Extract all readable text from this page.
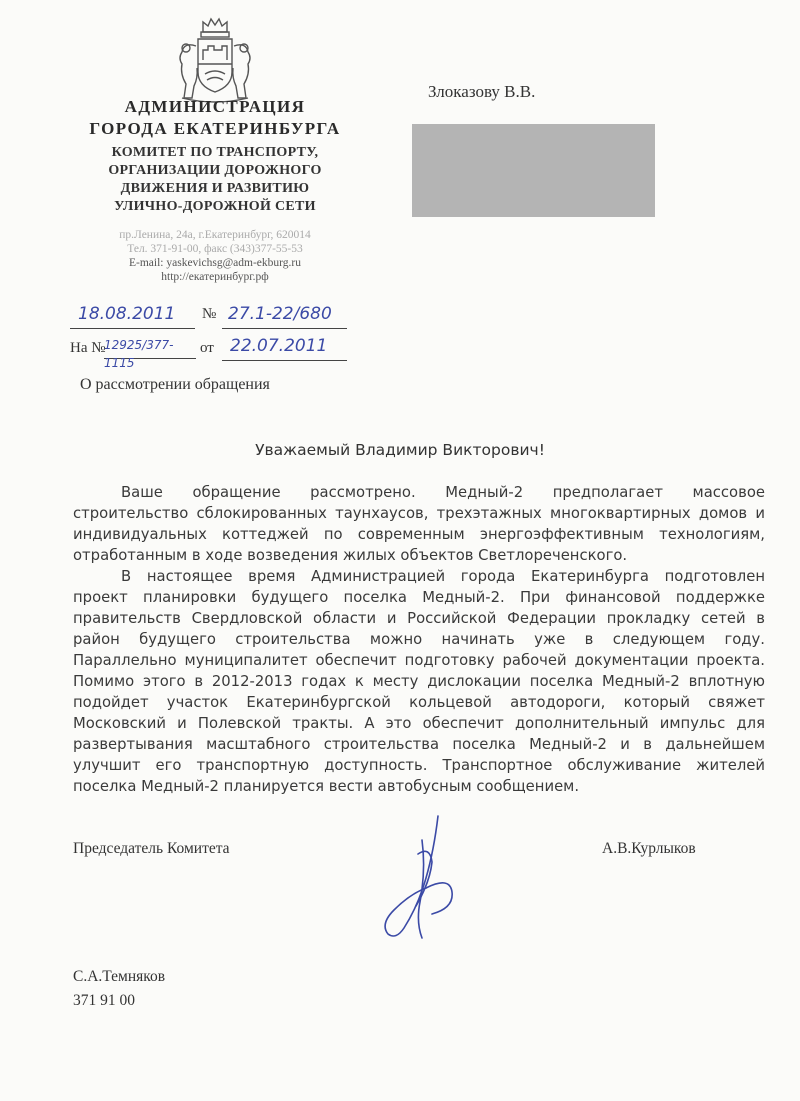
АДМИНИСТРАЦИЯ
ГОРОДА ЕКАТЕРИНБУРГА
КОМИТЕТ ПО ТРАНСПОРТУ,
ОРГАНИЗАЦИИ ДОРОЖНОГО
ДВИЖЕНИЯ И РАЗВИТИЮ
УЛИЧНО-ДОРОЖНОЙ СЕТИ
пр.Ленина, 24а, г.Екатеринбург, 620014
Тел. 371-91-00, факс (343)377-55-53
E-mail: yaskevichsg@adm-ekburg.ru
http://екатеринбург.рф
Злоказову В.В.
18.08.2011	№ 27.1-22/680
На №
12925/377-1115
от 22.07.2011
О рассмотрении обращения
Уважаемый Владимир Викторович!
Ваше обращение рассмотрено. Медный-2 предполагает массовое
строительство сблокированных таунхаусов, трехэтажных многоквартирных домов и
индивидуальных коттеджей по современным энергоэффективным технологиям,
отработанным в ходе возведения жилых объектов Светлореченского.
В настоящее время Администрацией города Екатеринбурга подготовлен
проект планировки будущего поселка Медный-2. При финансовой поддержке
правительств Свердловской области и Российской Федерации прокладку сетей в
район будущего строительства можно начинать уже в следующем году.
Параллельно муниципалитет обеспечит подготовку рабочей документации проекта.
Помимо этого в 2012-2013 годах к месту дислокации поселка Медный-2 вплотную
подойдет участок Екатеринбургской кольцевой автодороги, который свяжет
Московский и Полевской тракты. А это обеспечит дополнительный импульс для
развертывания масштабного строительства поселка Медный-2 и в дальнейшем
улучшит его транспортную доступность. Транспортное обслуживание жителей
поселка Медный-2 планируется вести автобусным сообщением.
Председатель Комитета	А.В.Курлыков
С.А.Темняков
371 91 00
